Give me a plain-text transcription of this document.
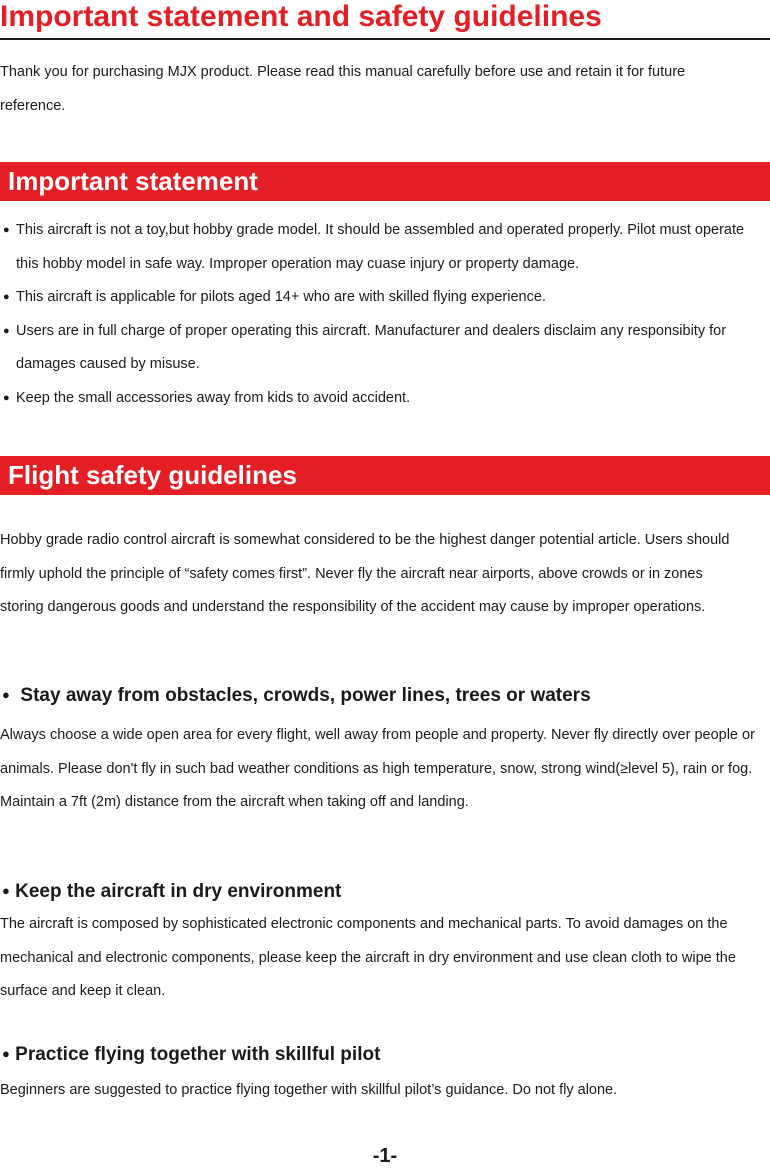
Important statement and safety guidelines

Thank you for purchasing MJX product. Please read this manual carefully before use and retain it for future reference.

Important statement
● This aircraft is not a toy,but hobby grade model. It should be assembled and operated properly. Pilot must operate this hobby model in safe way. Improper operation may cuase injury or property damage.
● This aircraft is applicable for pilots aged 14+ who are with skilled flying experience.
● Users are in full charge of proper operating this aircraft. Manufacturer and dealers disclaim any responsibity for damages caused by misuse.
● Keep the small accessories away from kids to avoid accident.
Flight safety guidelines

Hobby grade radio control aircraft is somewhat considered to be the highest danger potential article. Users should firmly uphold the principle of “safety comes first”. Never fly the aircraft near airports, above crowds or in zones storing dangerous goods and understand the responsibility of the accident may cause by improper operations.

● Stay away from obstacles, crowds, power lines, trees or waters

Always choose a wide open area for every flight, well away from people and property. Never fly directly over people or animals. Please don't fly in such bad weather conditions as high temperature, snow, strong wind(≥level 5), rain or fog. Maintain a 7ft (2m) distance from the aircraft when taking off and landing.

● Keep the aircraft in dry environment

The aircraft is composed by sophisticated electronic components and mechanical parts. To avoid damages on the mechanical and electronic components, please keep the aircraft in dry environment and use clean cloth to wipe the surface and keep it clean.

● Practice flying together with skillful pilot

Beginners are suggested to practice flying together with skillful pilot’s guidance. Do not fly alone.

-1-
